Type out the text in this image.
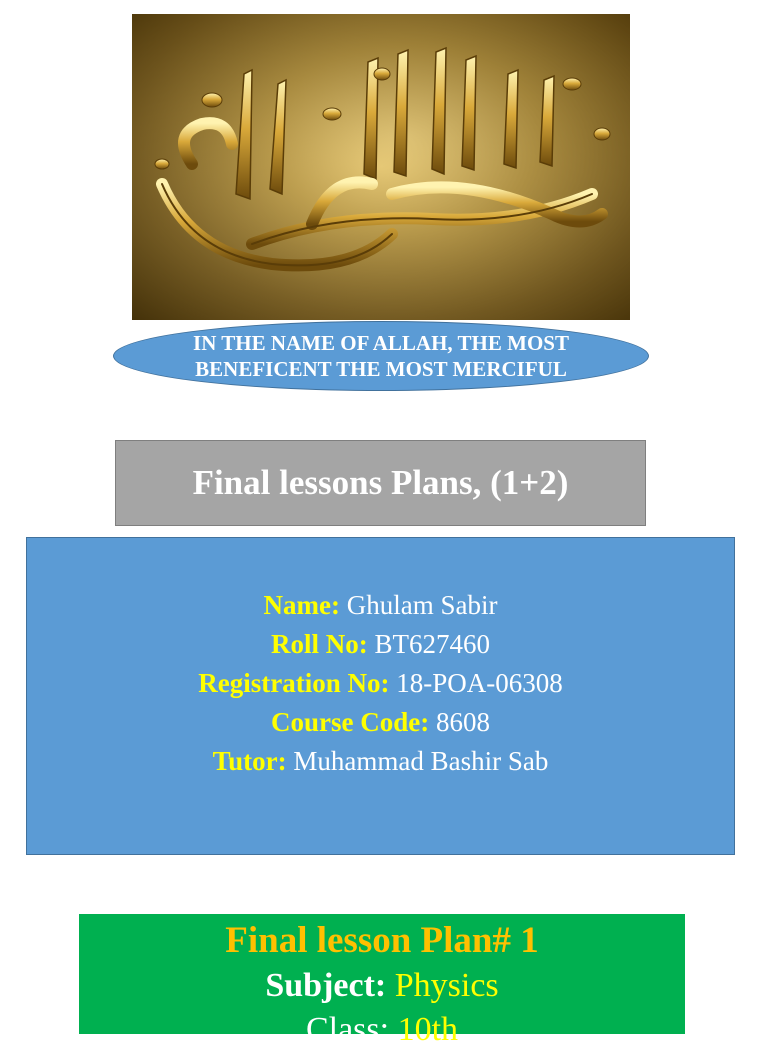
IN THE NAME OF ALLAH, THE MOST BENEFICENT THE MOST MERCIFUL
Final lessons Plans, (1+2)
Name: Ghulam Sabir
Roll No: BT627460
Registration No: 18-POA-06308
Course Code: 8608
Tutor: Muhammad Bashir Sab
Final lesson Plan# 1
Subject: Physics
Class: 10th
